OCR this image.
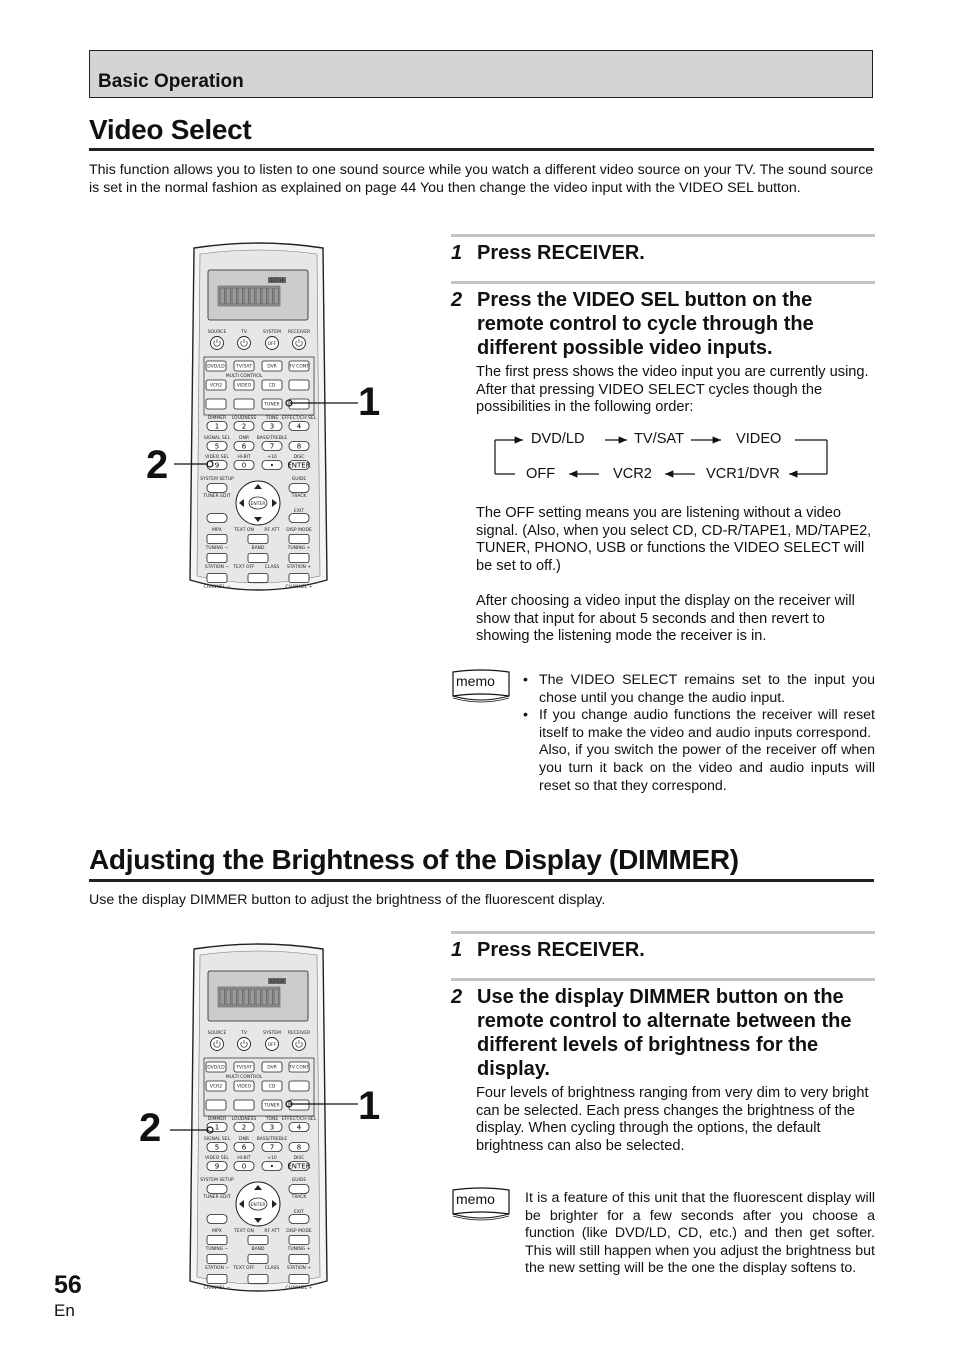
Basic Operation
Video Select
This function allows you to listen to one sound source while you watch a different video source on your TV. The sound source is set in the normal fashion as explained on page 44 You then change the video input with the VIDEO SEL button.
SETUP
SOURCE	TV	SYSTEM RECEIVER
OFF
MULTI CONTROL
DVD/LD	TV/SAT	DVR	TV CONT
VCR2	VIDEO	CD
TUNER
DIMMER LOUDNESS TONE EFFECT/CH SEL
SIGNAL SEL DNR BASS/TREBLE
VIDEO SEL HI-BIT	+10	DISC
1	2	3	4
5	6	7	8
9	0	• ENTER
SYSTEM SETUP	GUIDE
TUNER EDIT	TRACK
EXIT
ENTER
MPX	TEXT ON RF ATT DISP MODE
TUNING −	BAND	TUNING +
STATION − TEXT OFF CLASS STATION +
CHANNEL −	CHANNEL +
1
2
1 Press RECEIVER.
2 Press the VIDEO SEL button on the remote control to cycle through the different possible video inputs.
The first press shows the video input you are currently using. After that pressing VIDEO SELECT cycles though the possibilities in the following order:
DVD/LD	TV/SAT	VIDEO
OFF	VCR2	VCR1/DVR
The OFF setting means you are listening without a video signal. (Also, when you select CD, CD-R/TAPE1, MD/TAPE2, TUNER, PHONO, USB or functions the VIDEO SELECT will be set to off.)
After choosing a video input the display on the receiver will show that input for about 5 seconds and then revert to showing the listening mode the receiver is in.
memo
•	The VIDEO SELECT remains set to the input you chose until you change the audio input.
• If you change audio functions the receiver will reset itself to make the video and audio inputs correspond.
Also, if you switch the power of the receiver off when you turn it back on the video and audio inputs will reset so that they correspond.
Adjusting the Brightness of the Display (DIMMER)
Use the display DIMMER button to adjust the brightness of the fluorescent display.
SETUP
SOURCE	TV	SYSTEM RECEIVER
OFF
MULTI CONTROL
DVD/LD	TV/SAT	DVR	TV CONT
VCR2	VIDEO	CD
TUNER
DIMMER LOUDNESS TONE EFFECT/CH SEL
SIGNAL SEL DNR BASS/TREBLE
VIDEO SEL HI-BIT	+10	DISC
1	2	3	4
5	6	7	8
9	0	• ENTER
SYSTEM SETUP	GUIDE
TUNER EDIT	TRACK
EXIT
ENTER
MPX	TEXT ON RF ATT DISP MODE
TUNING −	BAND	TUNING +
STATION − TEXT OFF CLASS STATION +
CHANNEL −	CHANNEL +
1
2
1 Press RECEIVER.
2 Use the display DIMMER button on the remote control to alternate between the different levels of brightness for the display.
Four levels of brightness ranging from very dim to very bright can be selected. Each press changes the brightness of the display. When cycling through the options, the default brightness can also be selected.
memo It is a feature of this unit that the fluorescent display will be brighter for a few seconds after you choose a function (like DVD/LD, CD, etc.) and then get softer. This will still happen when you adjust the brightness but the new setting will be the one the display softens to.
56
En
